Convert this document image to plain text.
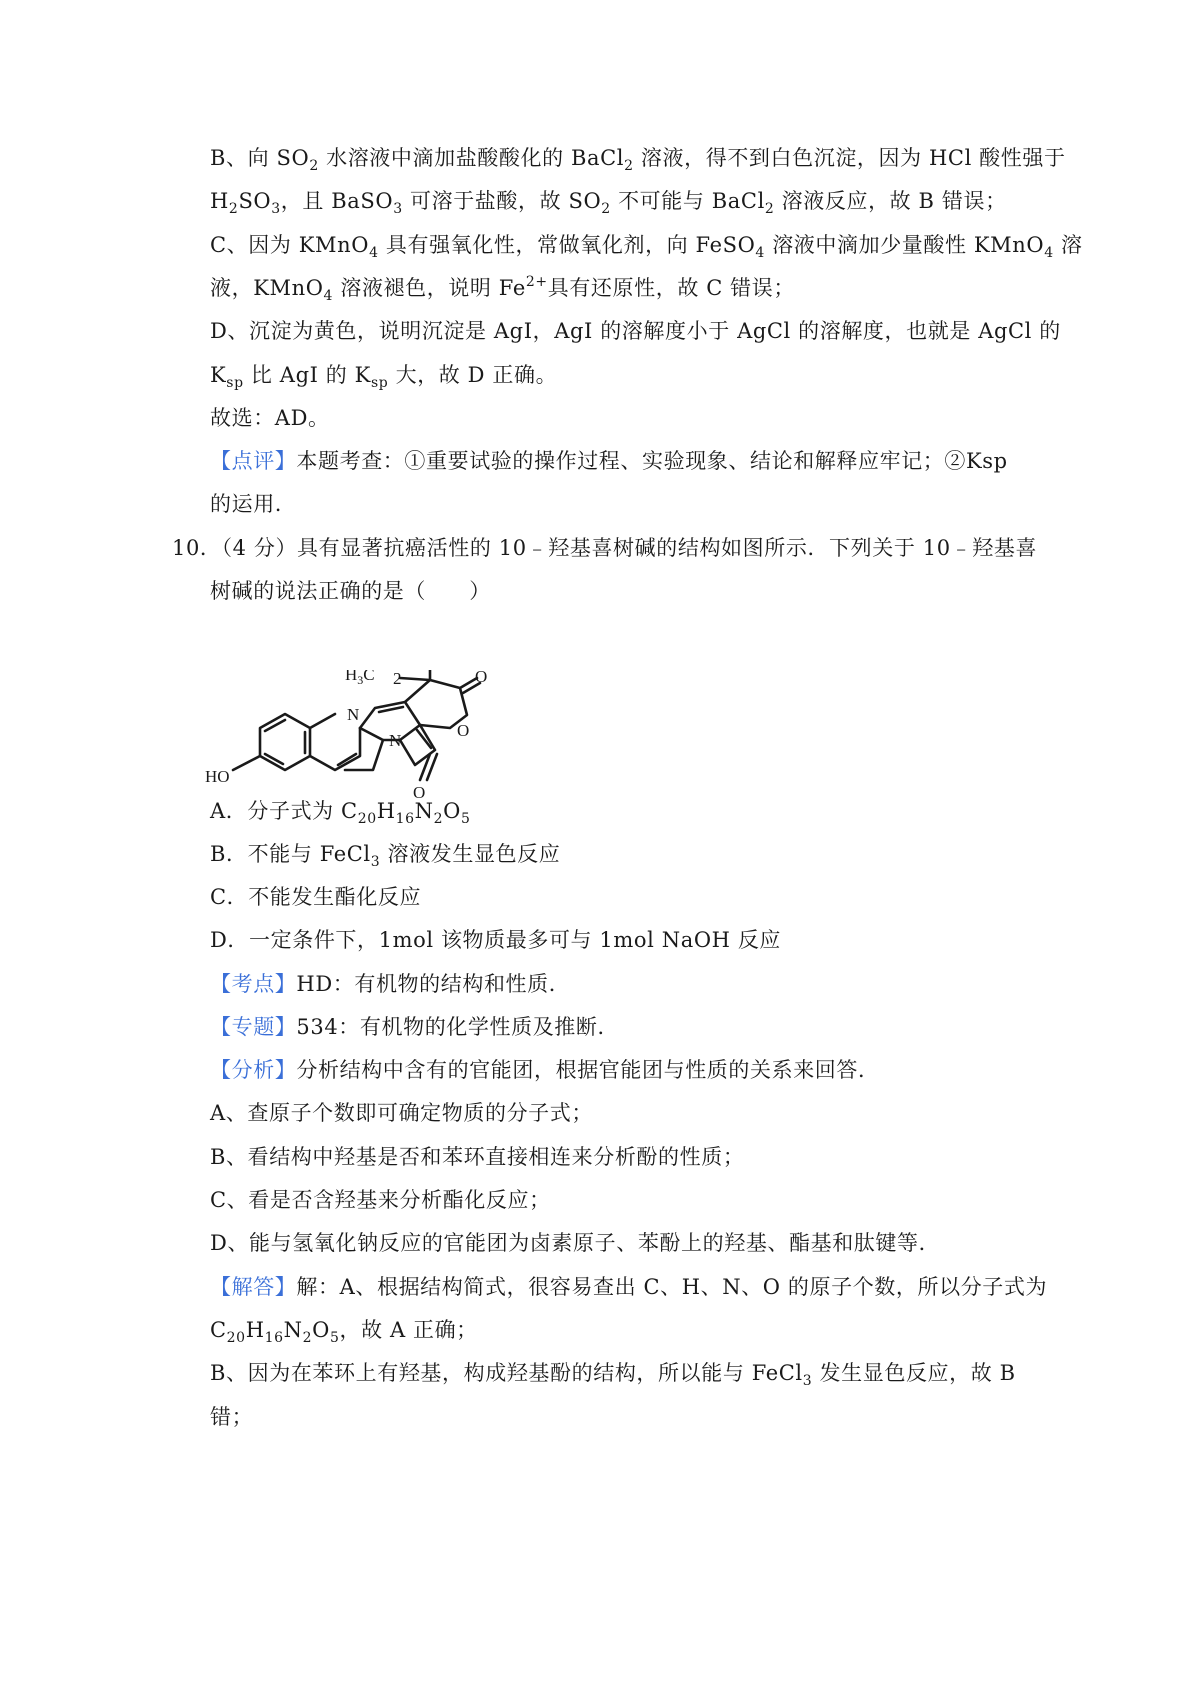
B、向 $SO_2$ 水溶液中滴加盐酸酸化的 BaCl$_2$ 溶液，得不到白色沉淀，因为 HCl 酸性强于
$H_2SO_3$，且 BaSO$_3$ 可溶于盐酸，故 $SO_2$ 不可能与 BaCl$_2$ 溶液反应，故 B 错误；
C、因为 KMnO$_4$ 具有强氧化性，常做氧化剂，向 FeSO$_4$ 溶液中滴加少量酸性 KMnO$_4$ 溶
液，KMnO$_4$ 溶液褪色，说明 $Fe^{2+}$具有还原性，故 C 错误；
D、沉淀为黄色，说明沉淀是 AgI，AgI 的溶解度小于 AgCl 的溶解度，也就是 AgCl 的
$K_{sp}$ 比 AgI 的 $K_{sp}$ 大，故 D 正确。
故选：AD。
【点评】本题考查：①重要试验的操作过程、实验现象、结论和解释应牢记；②Ksp
的运用.
10．（4 分）具有显著抗癌活性的 10﹣羟基喜树碱的结构如图所示．下列关于 10﹣羟基喜
树碱的说法正确的是（　　）
N
N
O
O
O
HO
2
$H_3C$
A．分子式为 $C_{20}H_{16}N_2O_5$
B．不能与 FeCl$_3$ 溶液发生显色反应
C．不能发生酯化反应
D．一定条件下，1mol 该物质最多可与 1mol NaOH 反应
【考点】HD：有机物的结构和性质．
【专题】534：有机物的化学性质及推断．
【分析】分析结构中含有的官能团，根据官能团与性质的关系来回答．
A、查原子个数即可确定物质的分子式；
B、看结构中羟基是否和苯环直接相连来分析酚的性质；
C、看是否含羟基来分析酯化反应；
D、能与氢氧化钠反应的官能团为卤素原子、苯酚上的羟基、酯基和肽键等．
【解答】解：A、根据结构简式，很容易查出 C、H、N、O 的原子个数，所以分子式为
$C_{20}H_{16}N_2O_5$，故 A 正确；
B、因为在苯环上有羟基，构成羟基酚的结构，所以能与 FeCl$_3$ 发生显色反应，故 B
错；
